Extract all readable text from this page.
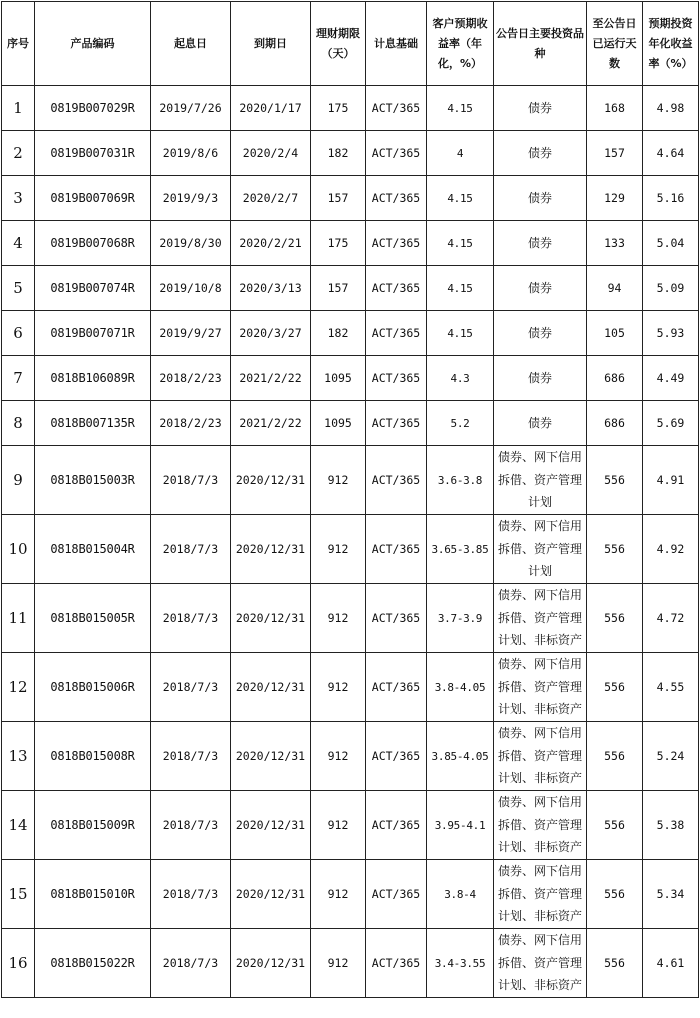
序号	产品编码	起息日	到期日	理财期限（天）	计息基础	客户预期收益率（年化，%）	公告日主要投资品种	至公告日已运行天数	预期投资年化收益率（%）

1	0819B007029R	2019/7/26	2020/1/17	175	ACT/365	4.15	债券	168	4.98
2	0819B007031R	2019/8/6	2020/2/4	182	ACT/365	4	债券	157	4.64
3	0819B007069R	2019/9/3	2020/2/7	157	ACT/365	4.15	债券	129	5.16
4	0819B007068R	2019/8/30	2020/2/21	175	ACT/365	4.15	债券	133	5.04
5	0819B007074R	2019/10/8	2020/3/13	157	ACT/365	4.15	债券	94	5.09
6	0819B007071R	2019/9/27	2020/3/27	182	ACT/365	4.15	债券	105	5.93
7	0818B106089R	2018/2/23	2021/2/22	1095	ACT/365	4.3	债券	686	4.49
8	0818B007135R	2018/2/23	2021/2/22	1095	ACT/365	5.2	债券	686	5.69
9	0818B015003R	2018/7/3	2020/12/31	912	ACT/365	3.6-3.8	债券、网下信用
拆借、资产管理
计划	556	4.91
10	0818B015004R	2018/7/3	2020/12/31	912	ACT/365	3.65-3.85	债券、网下信用
拆借、资产管理
计划	556	4.92
11	0818B015005R	2018/7/3	2020/12/31	912	ACT/365	3.7-3.9	债券、网下信用
拆借、资产管理
计划、非标资产	556	4.72
12	0818B015006R	2018/7/3	2020/12/31	912	ACT/365	3.8-4.05	债券、网下信用
拆借、资产管理
计划、非标资产	556	4.55
13	0818B015008R	2018/7/3	2020/12/31	912	ACT/365	3.85-4.05	债券、网下信用
拆借、资产管理
计划、非标资产	556	5.24
14	0818B015009R	2018/7/3	2020/12/31	912	ACT/365	3.95-4.1	债券、网下信用
拆借、资产管理
计划、非标资产	556	5.38
15	0818B015010R	2018/7/3	2020/12/31	912	ACT/365	3.8-4	债券、网下信用
拆借、资产管理
计划、非标资产	556	5.34
16	0818B015022R	2018/7/3	2020/12/31	912	ACT/365	3.4-3.55	债券、网下信用
拆借、资产管理
计划、非标资产	556	4.61
